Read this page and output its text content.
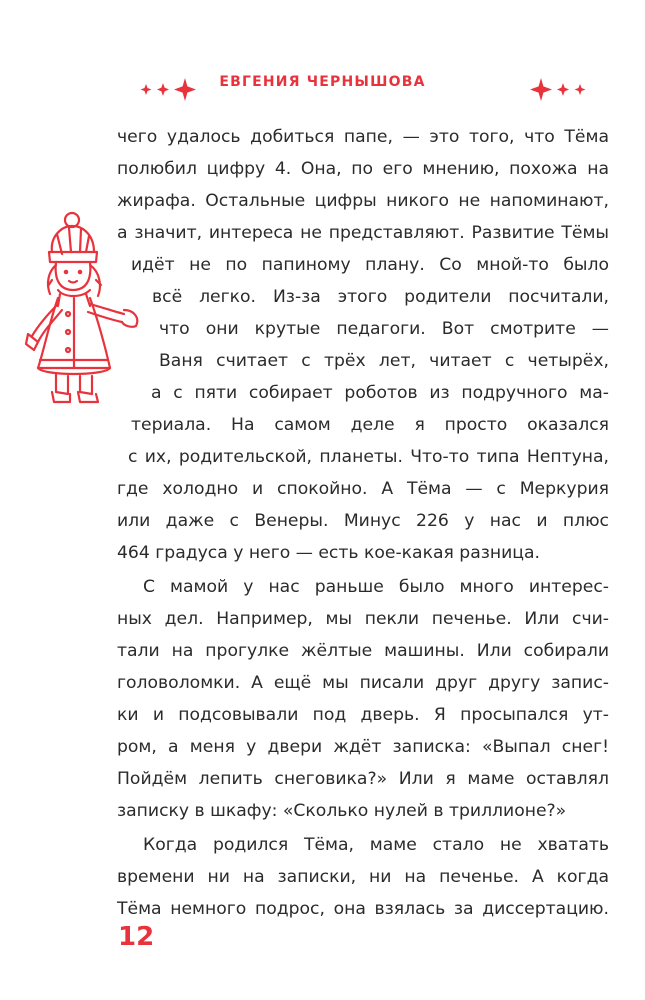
ЕВГЕНИЯ ЧЕРНЫШОВА
чего удалось добиться папе, — это того, что Тёма
полюбил цифру 4. Она, по его мнению, похожа на
жирафа. Остальные цифры никого не напоминают,
а значит, интереса не представляют. Развитие Тёмы
идёт не по папиному плану. Со мной-то было
всё легко. Из-за этого родители посчитали,
что они крутые педагоги. Вот смотрите —
Ваня считает с трёх лет, читает с четырёх,
а с пяти собирает роботов из подручного ма-
териала. На самом деле я просто оказался
с их, родительской, планеты. Что-то типа Нептуна,
где холодно и спокойно. А Тёма — с Меркурия
или даже с Венеры. Минус 226 у нас и плюс
464 градуса у него — есть кое-какая разница.
С мамой у нас раньше было много интерес-
ных дел. Например, мы пекли печенье. Или счи-
тали на прогулке жёлтые машины. Или собирали
головоломки. А ещё мы писали друг другу запис-
ки и подсовывали под дверь. Я просыпался ут-
ром, а меня у двери ждёт записка: «Выпал снег!
Пойдём лепить снеговика?» Или я маме оставлял
записку в шкафу: «Сколько нулей в триллионе?»
Когда родился Тёма, маме стало не хватать
времени ни на записки, ни на печенье. А когда
Тёма немного подрос, она взялась за диссертацию.
12
